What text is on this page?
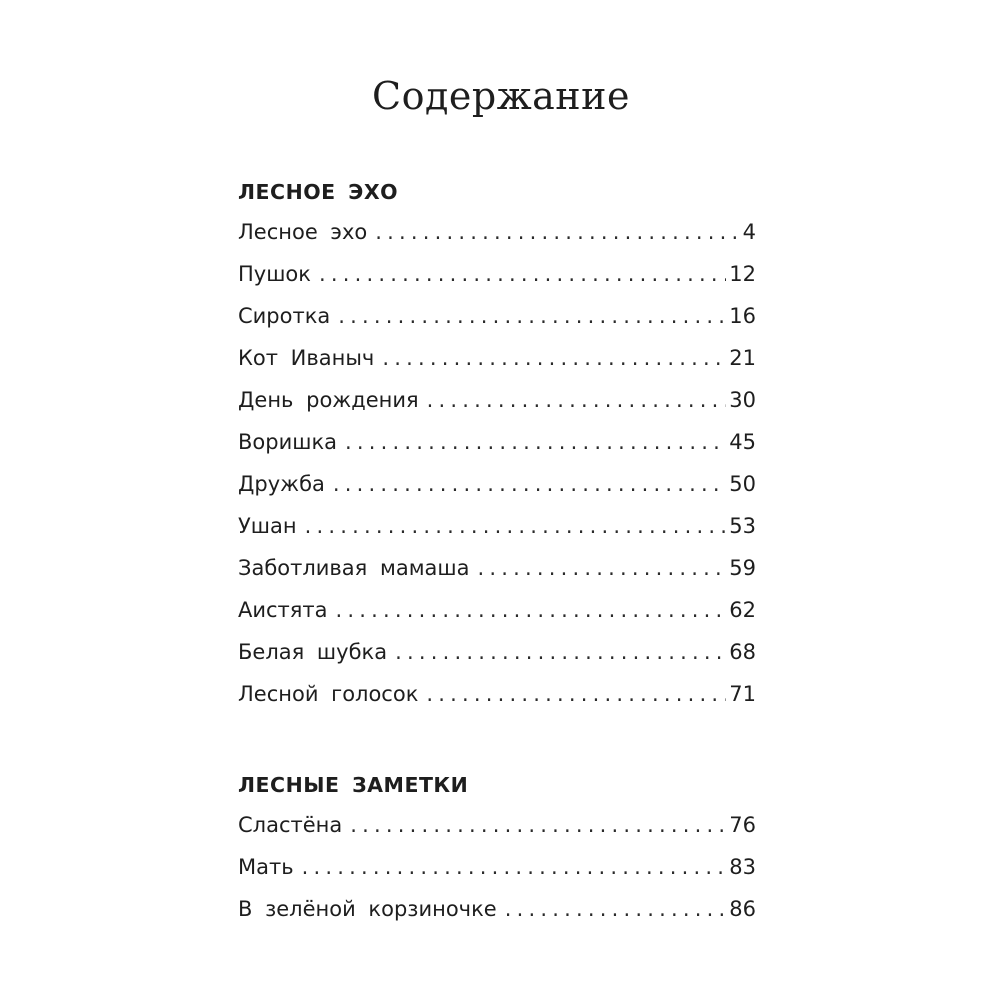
Содержание
ЛЕСНОЕ ЭХО
Лесное эхо .....	4
Пушок .....	12
Сиротка .....	16
Кот Иваныч .....	21
День рождения .....	30
Воришка .....	45
Дружба .....	50
Ушан .....	53
Заботливая мамаша .....	59
Аистята .....	62
Белая шубка .....	68
Лесной голосок .....	71
ЛЕСНЫЕ ЗАМЕТКИ
Сластёна .....	76
Мать .....	83
В зелёной корзиночке .....	86
